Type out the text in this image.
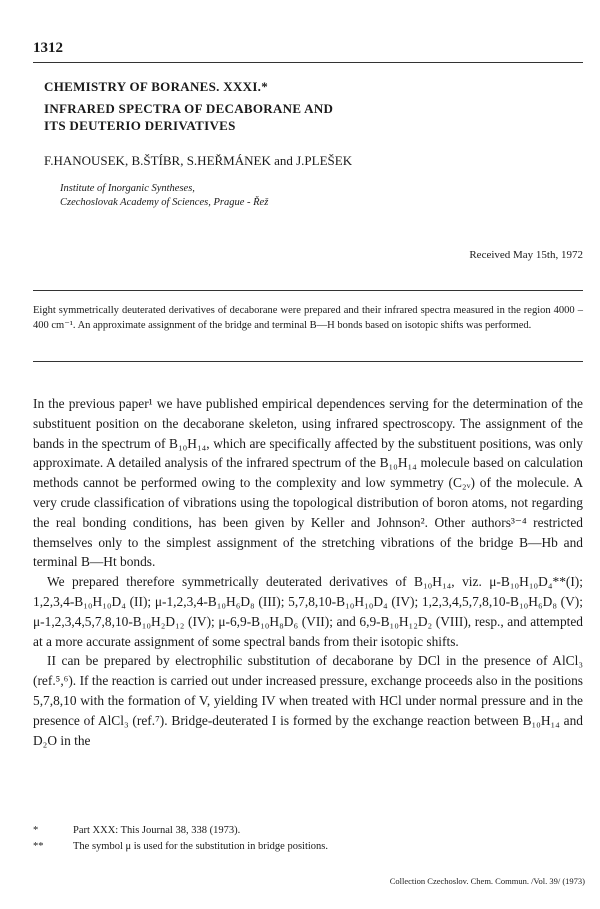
1312
CHEMISTRY OF BORANES. XXXI.*
INFRARED SPECTRA OF DECABORANE AND
ITS DEUTERIO DERIVATIVES
F.HANOUSEK, B.ŠTÍBR, S.HEŘMÁNEK and J.PLEŠEK
Institute of Inorganic Syntheses,
Czechoslovak Academy of Sciences, Prague - Řež
Received May 15th, 1972
Eight symmetrically deuterated derivatives of decaborane were prepared and their infrared spectra measured in the region 4000 – 400 cm⁻¹. An approximate assignment of the bridge and terminal B—H bonds based on isotopic shifts was performed.

In the previous paper¹ we have published empirical dependences serving for the determination of the substituent position on the decaborane skeleton, using infrared spectroscopy. The assignment of the bands in the spectrum of B₁₀H₁₄, which are specifically affected by the substituent positions, was only approximate. A detailed analysis of the infrared spectrum of the B₁₀H₁₄ molecule based on calculation methods cannot be performed owing to the complexity and low symmetry (C₂ᵥ) of the molecule. A very crude classification of vibrations using the topological distribution of boron atoms, not regarding the real bonding conditions, has been given by Keller and Johnson². Other authors³⁻⁴ restricted themselves only to the simplest assignment of the stretching vibrations of the bridge B—Hb and terminal B—Ht bonds.

We prepared therefore symmetrically deuterated derivatives of B₁₀H₁₄, viz. μ-B₁₀H₁₀D₄**(I); 1,2,3,4-B₁₀H₁₀D₄ (II); μ-1,2,3,4-B₁₀H₆D₈ (III); 5,7,8,10-B₁₀H₁₀D₄ (IV); 1,2,3,4,5,7,8,10-B₁₀H₆D₈ (V); μ-1,2,3,4,5,7,8,10-B₁₀H₂D₁₂ (IV); μ-6,9-B₁₀H₈D₆ (VII); and 6,9-B₁₀H₁₂D₂ (VIII), resp., and attempted at a more accurate assignment of some spectral bands from their isotopic shifts.

II can be prepared by electrophilic substitution of decaborane by DCl in the presence of AlCl₃ (ref.⁵,⁶). If the reaction is carried out under increased pressure, exchange proceeds also in the positions 5,7,8,10 with the formation of V, yielding IV when treated with HCl under normal pressure and in the presence of AlCl₃ (ref.⁷). Bridge-deuterated I is formed by the exchange reaction between B₁₀H₁₄ and D₂O in the

*	Part XXX: This Journal 38, 338 (1973).
**	The symbol μ is used for the substitution in bridge positions.
Collection Czechoslov. Chem. Commun. /Vol. 39/ (1973)
